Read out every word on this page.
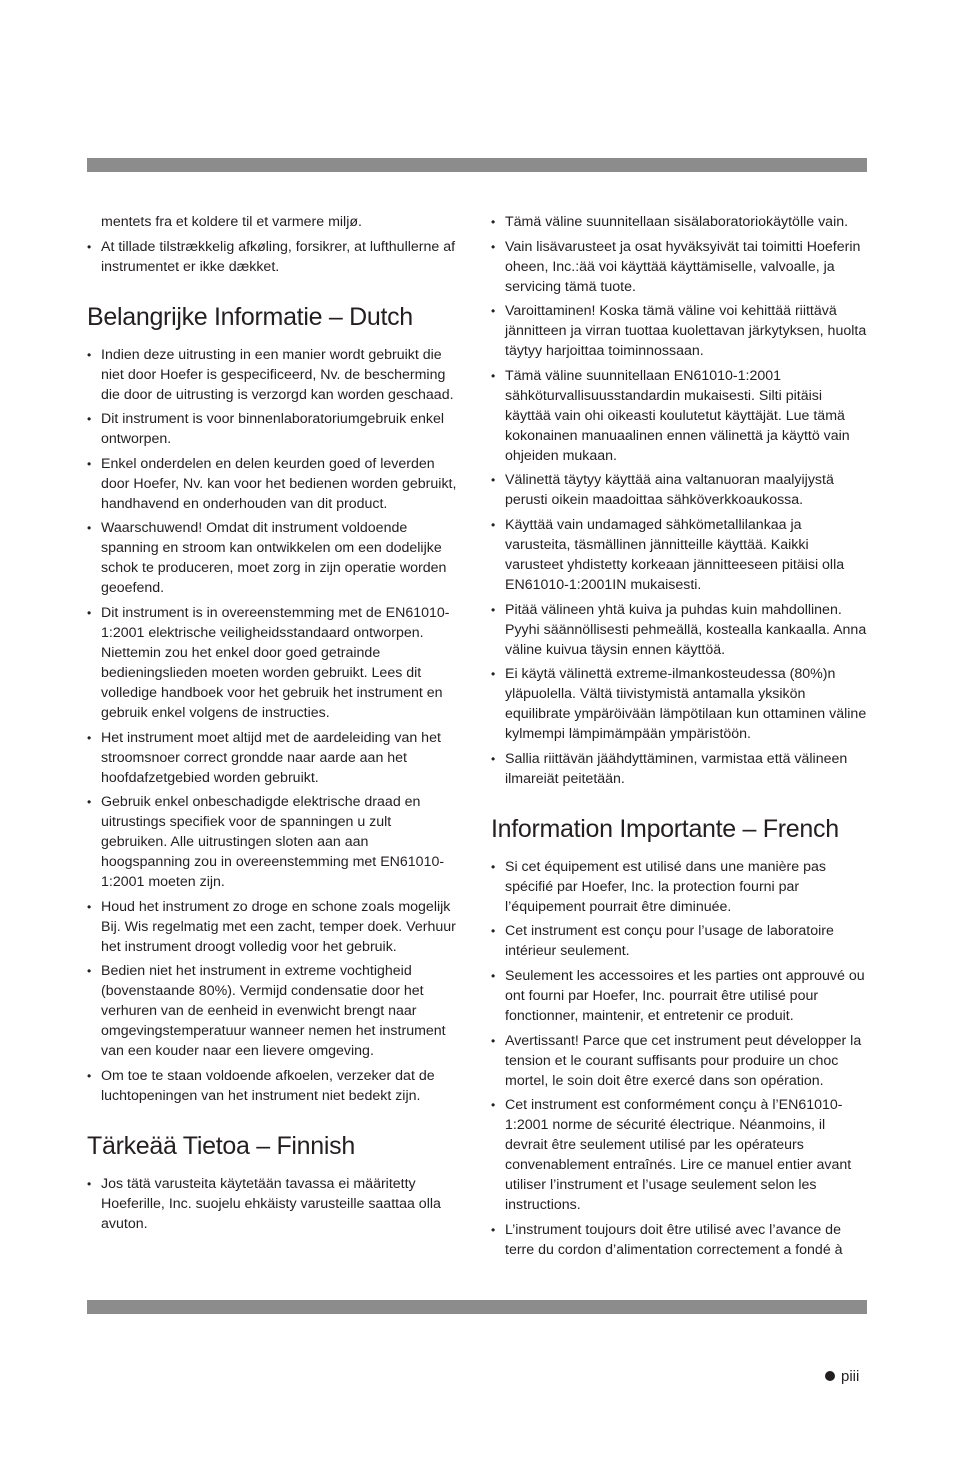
mentets fra et koldere til et varmere miljø.
• At tillade tilstrækkelig afkøling, forsikrer, at lufthullerne af instrumentet er ikke dækket.
Belangrijke Informatie – Dutch
• Indien deze uitrusting in een manier wordt gebruikt die niet door Hoefer is gespecificeerd, Nv. de bescherming die door de uitrusting is verzorgd kan worden geschaad.
• Dit instrument is voor binnenlaboratoriumgebruik enkel ontworpen.
• Enkel onderdelen en delen keurden goed of leverden door Hoefer, Nv. kan voor het bedienen worden gebruikt, handhavend en onderhouden van dit product.
• Waarschuwend! Omdat dit instrument voldoende spanning en stroom kan ontwikkelen om een dodelijke schok te produceren, moet zorg in zijn operatie worden geoefend.
• Dit instrument is in overeenstemming met de EN61010-1:2001 elektrische veiligheidsstandaard ontworpen. Niettemin zou het enkel door goed getrainde bedieningslieden moeten worden gebruikt. Lees dit volledige handboek voor het gebruik het instrument en gebruik enkel volgens de instructies.
• Het instrument moet altijd met de aardeleiding van het stroomsnoer correct grondde naar aarde aan het hoofdafzetgebied worden gebruikt.
• Gebruik enkel onbeschadigde elektrische draad en uitrustings specifiek voor de spanningen u zult gebruiken. Alle uitrustingen sloten aan aan hoogspanning zou in overeenstemming met EN61010-1:2001 moeten zijn.
• Houd het instrument zo droge en schone zoals mogelijk Bij. Wis regelmatig met een zacht, temper doek. Verhuur het instrument droogt volledig voor het gebruik.
• Bedien niet het instrument in extreme vochtigheid (bovenstaande 80%). Vermijd condensatie door het verhuren van de eenheid in evenwicht brengt naar omgevingstemperatuur wanneer nemen het instrument van een kouder naar een lievere omgeving.
• Om toe te staan voldoende afkoelen, verzeker dat de luchtopeningen van het instrument niet bedekt zijn.
Tärkeää Tietoa – Finnish
• Jos tätä varusteita käytetään tavassa ei määritetty Hoeferille, Inc. suojelu ehkäisty varusteille saattaa olla avuton.
• Tämä väline suunnitellaan sisälaboratoriokäytölle vain.
• Vain lisävarusteet ja osat hyväksyivät tai toimitti Hoeferin oheen, Inc.:ää voi käyttää käyttämiselle, valvoalle, ja servicing tämä tuote.
• Varoittaminen! Koska tämä väline voi kehittää riittävä jännitteen ja virran tuottaa kuolettavan järkytyksen, huolta täytyy harjoittaa toiminnossaan.
• Tämä väline suunnitellaan EN61010-1:2001 sähköturvallisuusstandardin mukaisesti. Silti pitäisi käyttää vain ohi oikeasti koulutetut käyttäjät. Lue tämä kokonainen manuaalinen ennen välinettä ja käyttö vain ohjeiden mukaan.
• Välinettä täytyy käyttää aina valtanuoran maalyijystä perusti oikein maadoittaa sähköverkkoaukossa.
• Käyttää vain undamaged sähkömetallilankaa ja varusteita, täsmällinen jännitteille käyttää. Kaikki varusteet yhdistetty korkeaan jännitteeseen pitäisi olla EN61010-1:2001IN mukaisesti.
• Pitää välineen yhtä kuiva ja puhdas kuin mahdollinen. Pyyhi säännöllisesti pehmeällä, kostealla kankaalla. Anna väline kuivua täysin ennen käyttöä.
• Ei käytä välinettä extreme-ilmankosteudessa (80%)n yläpuolella. Vältä tiivistymistä antamalla yksikön equilibrate ympäröivään lämpötilaan kun ottaminen väline kylmempi lämpimämpään ympäristöön.
• Sallia riittävän jäähdyttäminen, varmistaa että välineen ilmareiät peitetään.
Information Importante – French
• Si cet équipement est utilisé dans une manière pas spécifié par Hoefer, Inc. la protection fourni par l’équipement pourrait être diminuée.
• Cet instrument est conçu pour l’usage de laboratoire intérieur seulement.
• Seulement les accessoires et les parties ont approuvé ou ont fourni par Hoefer, Inc. pourrait être utilisé pour fonctionner, maintenir, et entretenir ce produit.
• Avertissant! Parce que cet instrument peut développer la tension et le courant suffisants pour produire un choc mortel, le soin doit être exercé dans son opération.
• Cet instrument est conformément conçu à l’EN61010-1:2001 norme de sécurité électrique. Néanmoins, il devrait être seulement utilisé par les opérateurs convenablement entraînés. Lire ce manuel entier avant utiliser l’instrument et l’usage seulement selon les instructions.
• L’instrument toujours doit être utilisé avec l’avance de terre du cordon d’alimentation correctement a fondé à
piii
